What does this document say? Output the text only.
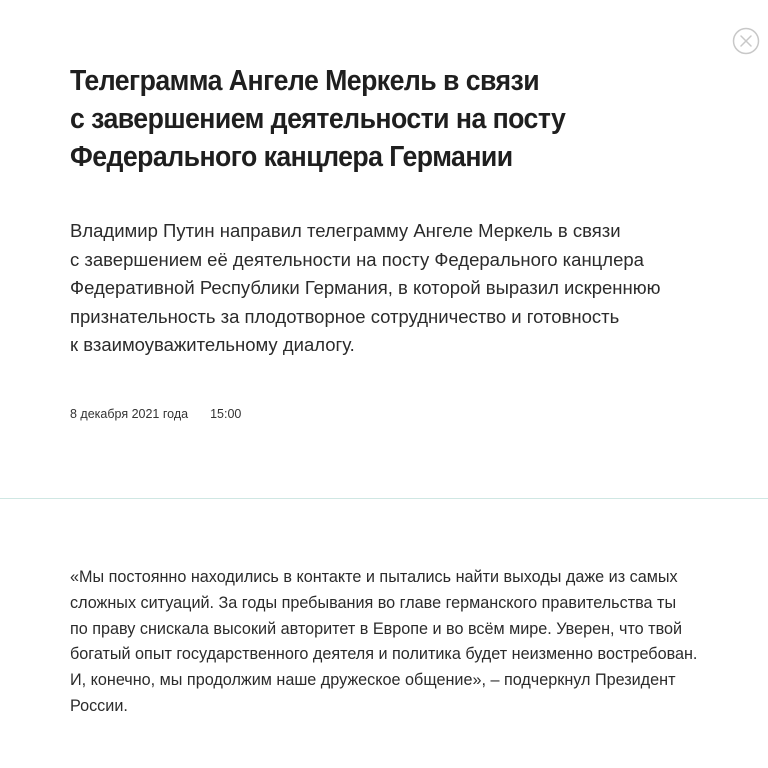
Телеграмма Ангеле Меркель в связи
с завершением деятельности на посту
Федерального канцлера Германии

Владимир Путин направил телеграмму Ангеле Меркель в связи
с завершением её деятельности на посту Федерального канцлера
Федеративной Республики Германия, в которой выразил искреннюю
признательность за плодотворное сотрудничество и готовность
к взаимоуважительному диалогу.

8 декабря 2021 года 15:00

«Мы постоянно находились в контакте и пытались найти выходы даже из самых
сложных ситуаций. За годы пребывания во главе германского правительства ты
по праву снискала высокий авторитет в Европе и во всём мире. Уверен, что твой
богатый опыт государственного деятеля и политика будет неизменно востребован.
И, конечно, мы продолжим наше дружеское общение», – подчеркнул Президент
России.
